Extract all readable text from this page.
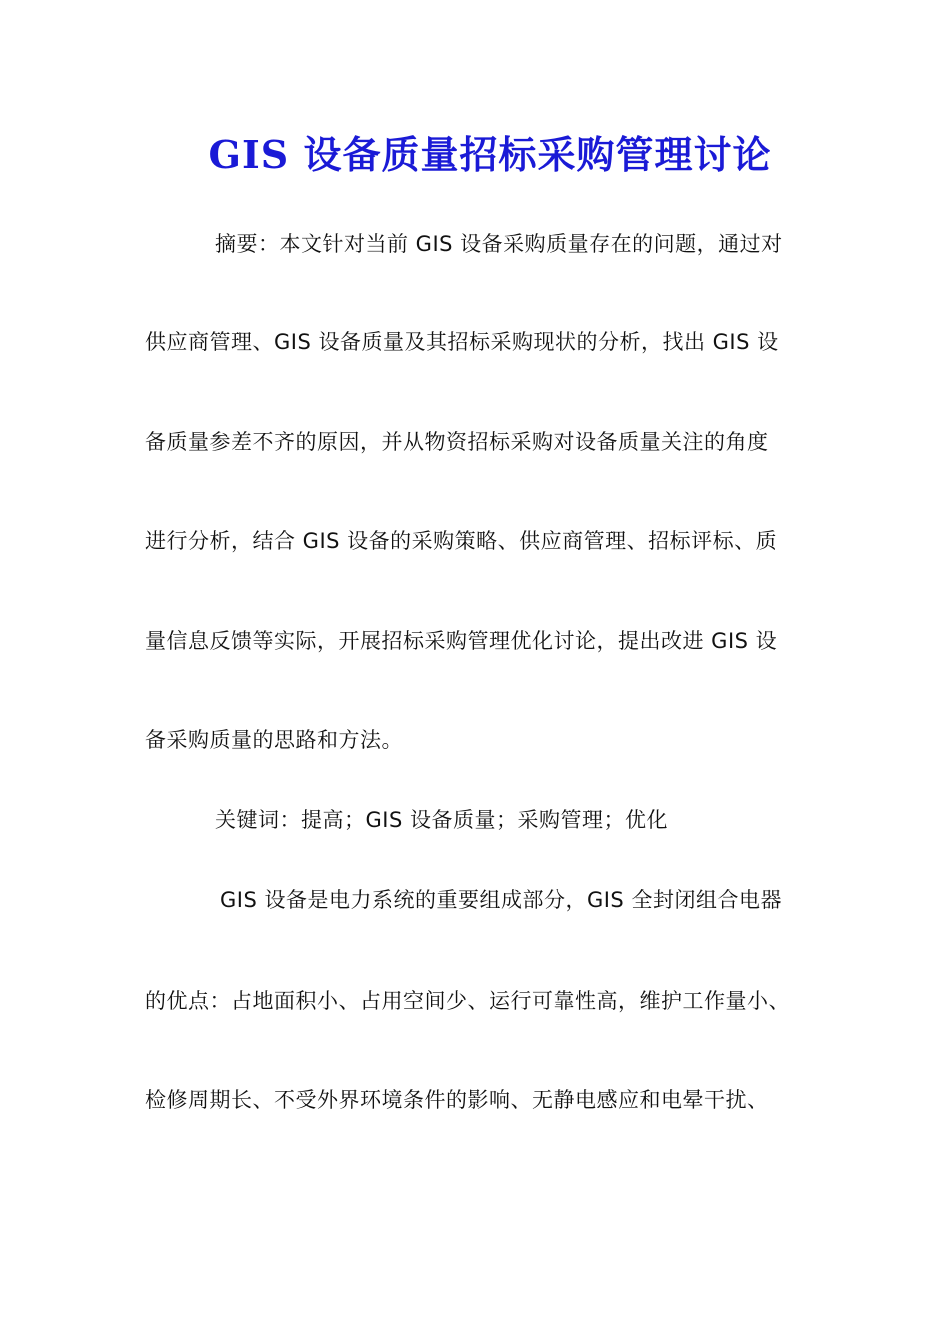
GIS 设备质量招标采购管理讨论
摘要：本文针对当前 GIS 设备采购质量存在的问题，通过对
供应商管理、GIS 设备质量及其招标采购现状的分析，找出 GIS 设
备质量参差不齐的原因，并从物资招标采购对设备质量关注的角度
进行分析，结合 GIS 设备的采购策略、供应商管理、招标评标、质
量信息反馈等实际，开展招标采购管理优化讨论，提出改进 GIS 设
备采购质量的思路和方法。
关键词：提高；GIS 设备质量；采购管理；优化
GIS 设备是电力系统的重要组成部分，GIS 全封闭组合电器
的优点：占地面积小、占用空间少、运行可靠性高，维护工作量小、
检修周期长、不受外界环境条件的影响、无静电感应和电晕干扰、
